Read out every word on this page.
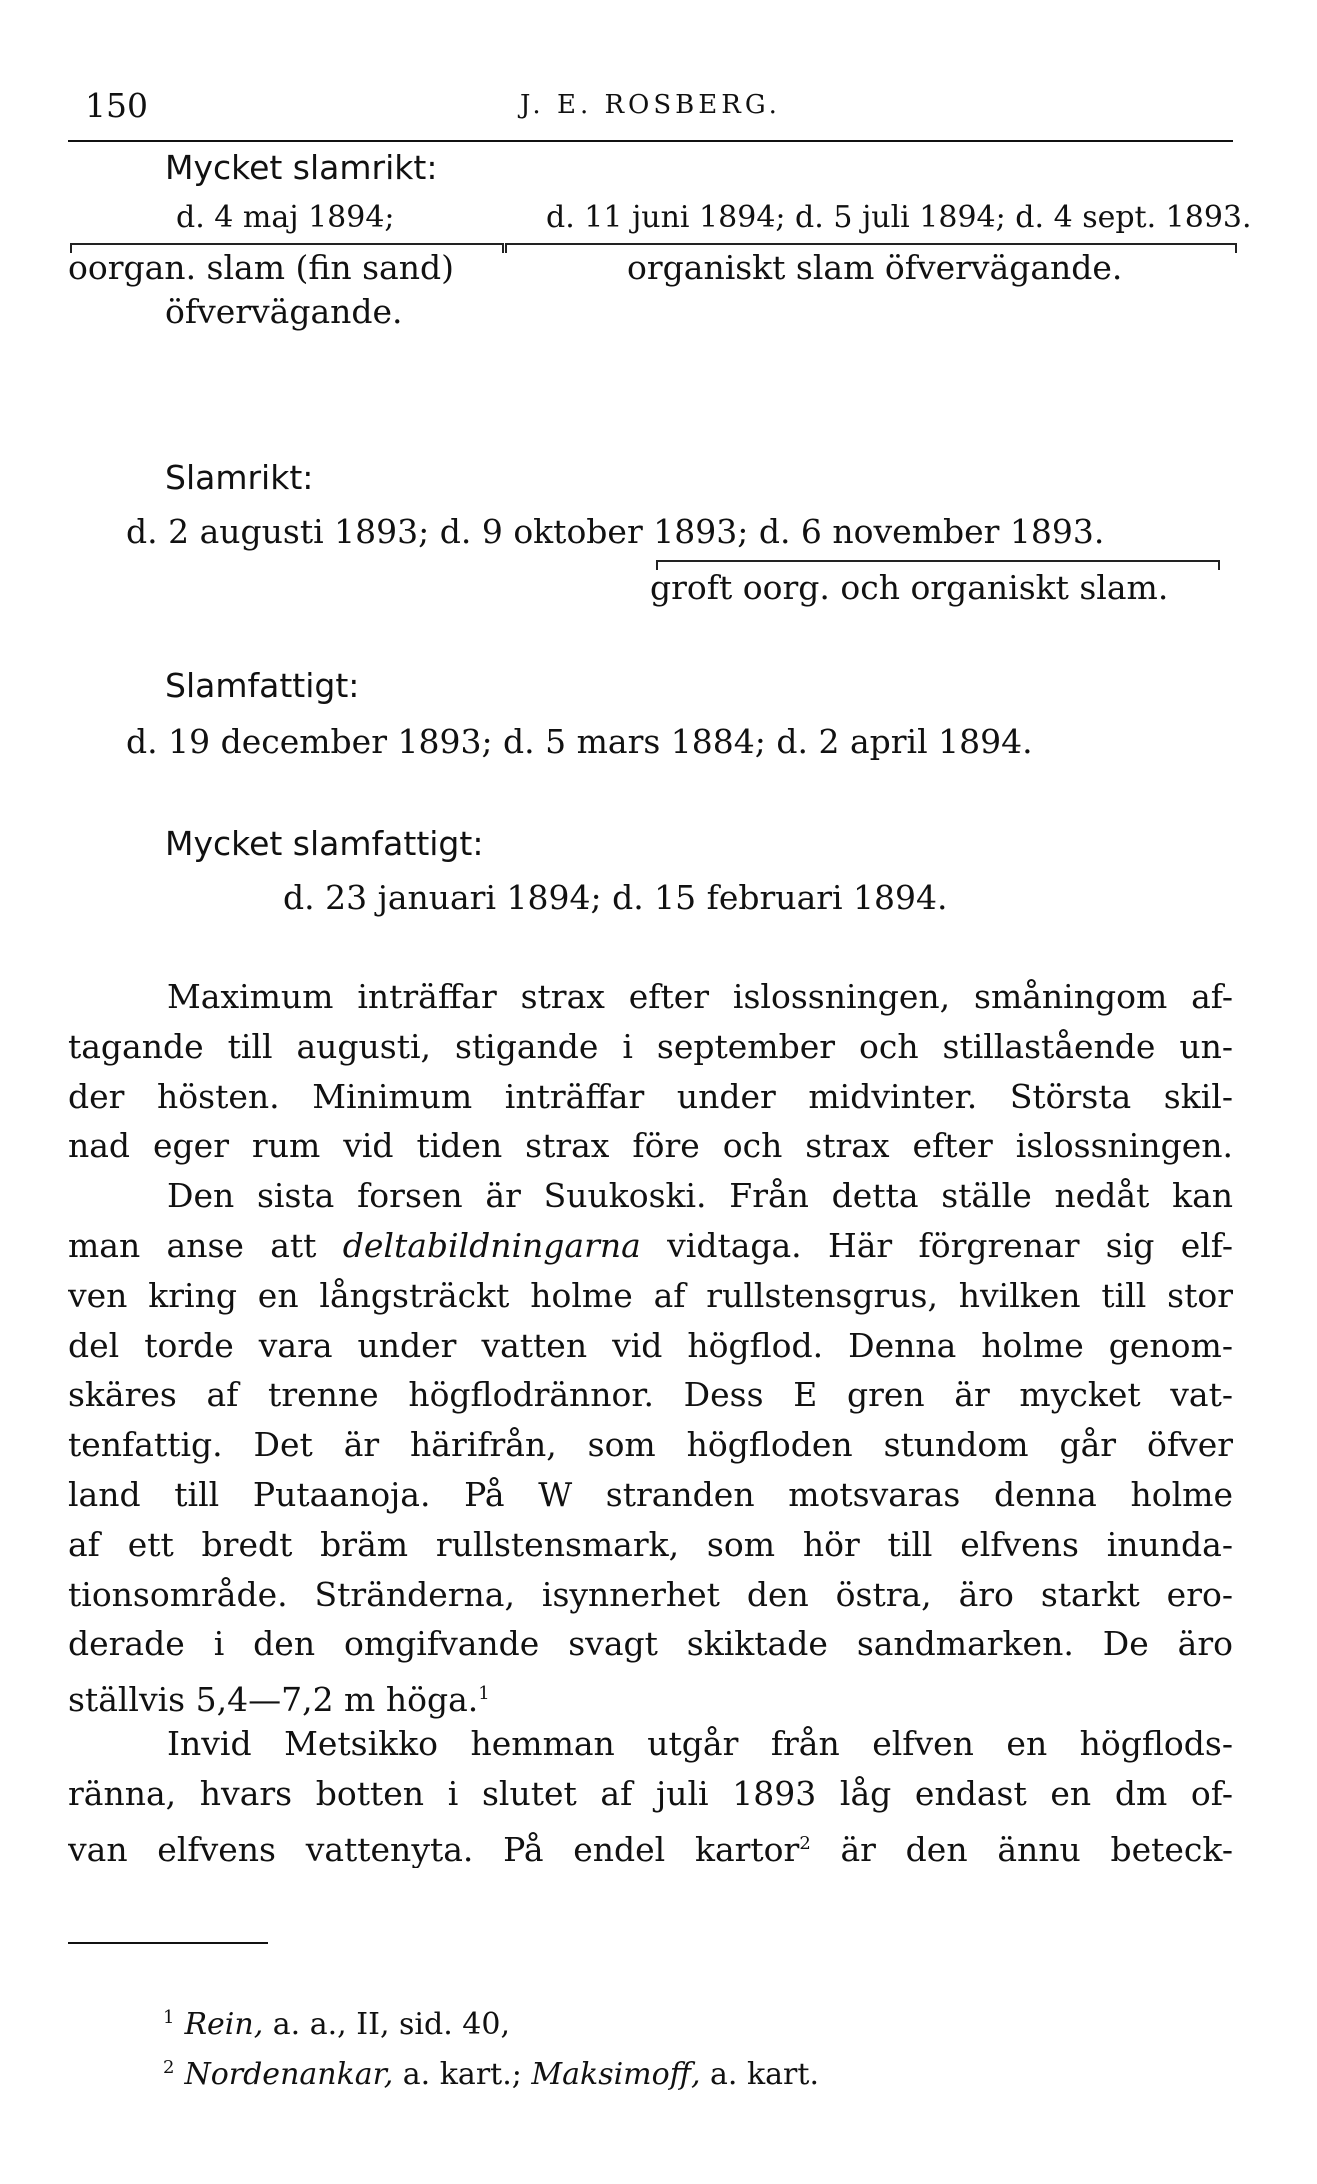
150	J. E. ROSBERG.
Mycket slamrikt:
d. 4 maj 1894;	d. 11 juni 1894; d. 5 juli 1894; d. 4 sept. 1893.
oorgan. slam (fin sand)
öfvervägande.
organiskt slam öfvervägande.
Slamrikt:
d. 2 augusti 1893; d. 9 oktober 1893; d. 6 november 1893.
groft oorg. och organiskt slam.
Slamfattigt:
d. 19 december 1893; d. 5 mars 1884; d. 2 april 1894.
Mycket slamfattigt:
d. 23 januari 1894; d. 15 februari 1894.
Maximum inträffar strax efter islossningen, småningom af-
tagande till augusti, stigande i september och stillastående un-
der hösten. Minimum inträffar under midvinter. Största skil-
nad eger rum vid tiden strax före och strax efter islossningen.
Den sista forsen är Suukoski. Från detta ställe nedåt kan
man anse att deltabildningarna vidtaga. Här förgrenar sig elf-
ven kring en långsträckt holme af rullstensgrus, hvilken till stor
del torde vara under vatten vid högflod. Denna holme genom-
skäres af trenne högflodrännor. Dess E gren är mycket vat-
tenfattig. Det är härifrån, som högfloden stundom går öfver
land till Putaanoja. På W stranden motsvaras denna holme
af ett bredt bräm rullstensmark, som hör till elfvens inunda-
tionsområde. Stränderna, isynnerhet den östra, äro starkt ero-
derade i den omgifvande svagt skiktade sandmarken. De äro
ställvis 5,4—7,2 m höga.$^1$
Invid Metsikko hemman utgår från elfven en högflods-
ränna, hvars botten i slutet af juli 1893 låg endast en dm of-
van elfvens vattenyta. På endel kartor$^2$ är den ännu beteck-
$^1$ Rein, a. a., II, sid. 40,
$^2$ Nordenankar, a. kart.; Maksimoff, a. kart.
